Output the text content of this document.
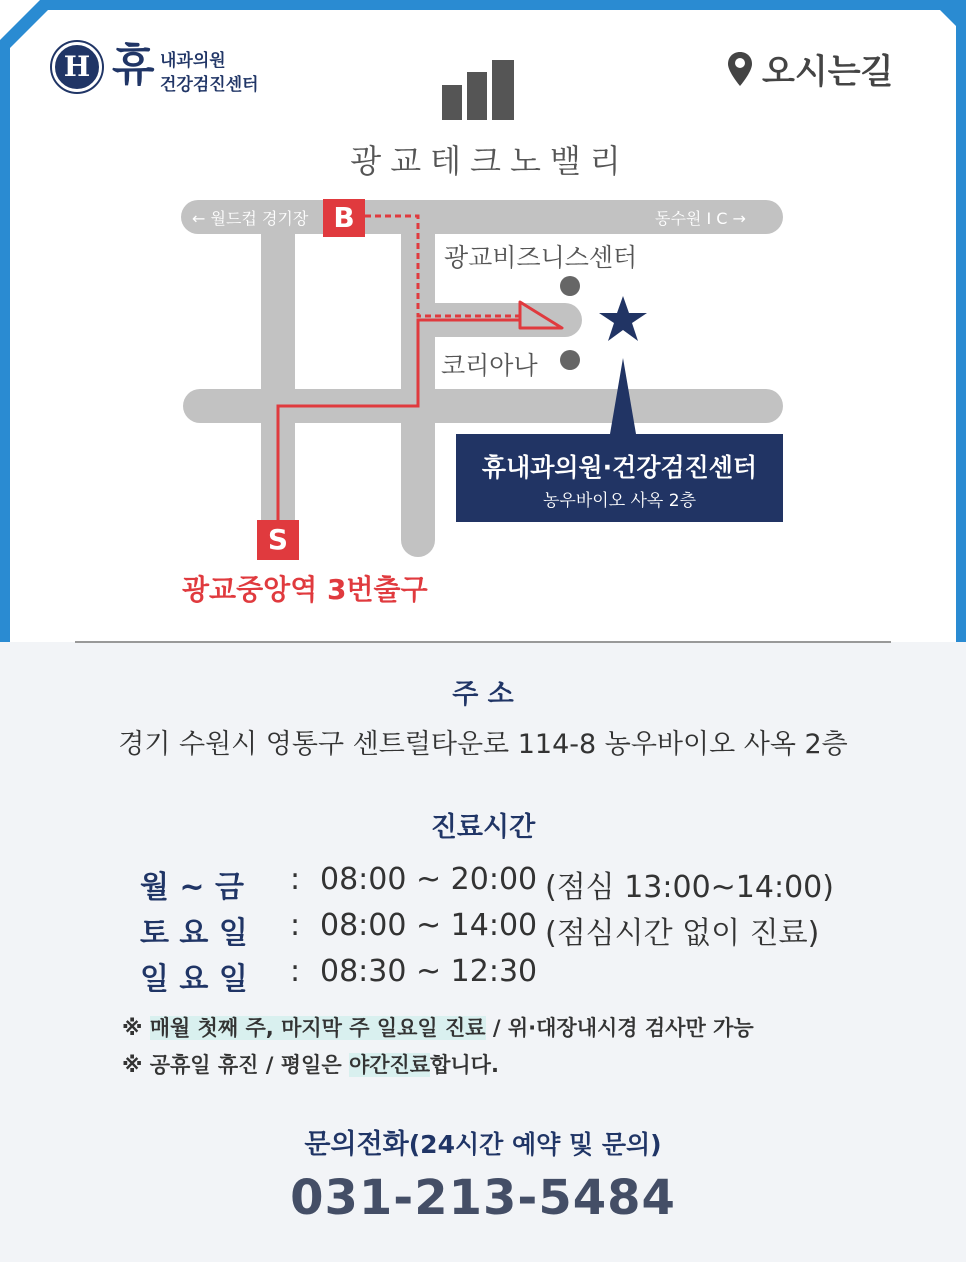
H 휴 내과의원
건강검진센터	오시는길
광교테크노밸리
← 월드컵 경기장	동수원 I C →
B
S
광교비즈니스센터
코리아나
휴내과의원·건강검진센터
농우바이오 사옥 2층
광교중앙역 3번출구
주 소
경기 수원시 영통구 센트럴타운로 114-8 농우바이오 사옥 2층
진료시간
월 ~ 금	: 08:00 ~ 20:00 (점심 13:00~14:00)
토 요 일	: 08:00 ~ 14:00 (점심시간 없이 진료)
일 요 일	: 08:30 ~ 12:30
※ 매월 첫째 주, 마지막 주 일요일 진료 / 위·대장내시경 검사만 가능
※ 공휴일 휴진 / 평일은 야간진료합니다.
문의전화(24시간 예약 및 문의)
031-213-5484
